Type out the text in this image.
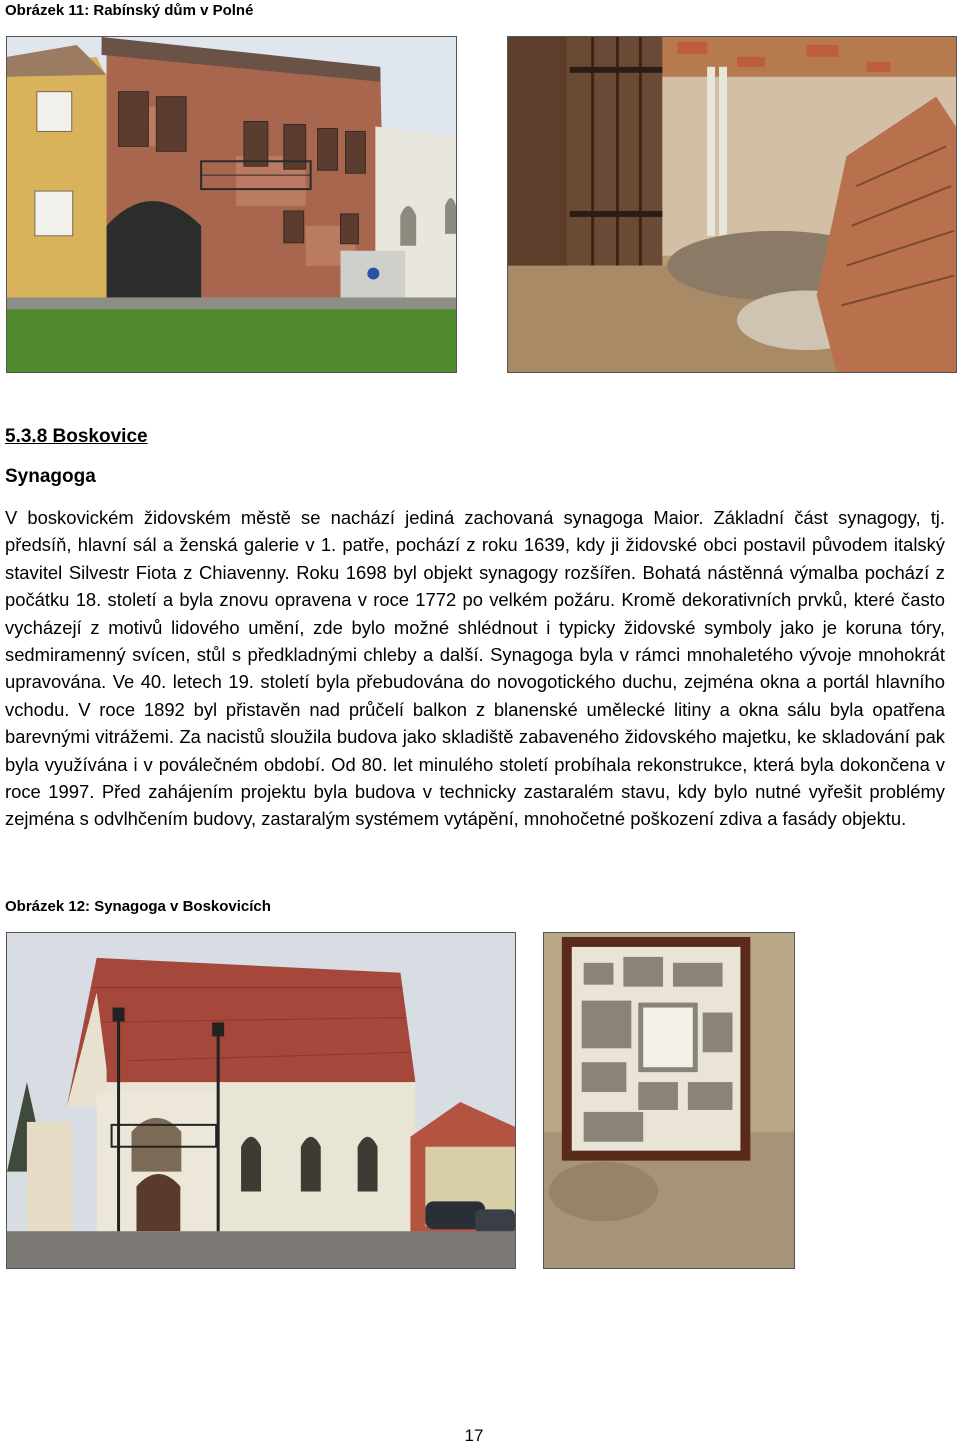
Obrázek 11: Rabínský dům v Polné
5.3.8 Boskovice
Synagoga

V boskovickém židovském městě se nachází jediná zachovaná synagoga Maior. Základní část synagogy, tj. předsíň, hlavní sál a ženská galerie v 1. patře, pochází z roku 1639, kdy ji židovské obci postavil původem italský stavitel Silvestr Fiota z Chiavenny. Roku 1698 byl objekt synagogy rozšířen. Bohatá nástěnná výmalba pochází z počátku 18. století a byla znovu opravena v roce 1772 po velkém požáru. Kromě dekorativních prvků, které často vycházejí z motivů lidového umění, zde bylo možné shlédnout i typicky židovské symboly jako je koruna tóry, sedmiramenný svícen, stůl s předkladnými chleby a další. Synagoga byla v rámci mnohaletého vývoje mnohokrát upravována. Ve 40. letech 19. století byla přebudována do novogotického duchu, zejména okna a portál hlavního vchodu. V roce 1892 byl přistavěn nad průčelí balkon z blanenské umělecké litiny a okna sálu byla opatřena barevnými vitrážemi. Za nacistů sloužila budova jako skladiště zabaveného židovského majetku, ke skladování pak byla využívána i v poválečném období. Od 80. let minulého století probíhala rekonstrukce, která byla dokončena v roce 1997. Před zahájením projektu byla budova v technicky zastaralém stavu, kdy bylo nutné vyřešit problémy zejména s odvlhčením budovy, zastaralým systémem vytápění, mnohočetné poškození zdiva a fasády objektu.

Obrázek 12: Synagoga v Boskovicích
17
